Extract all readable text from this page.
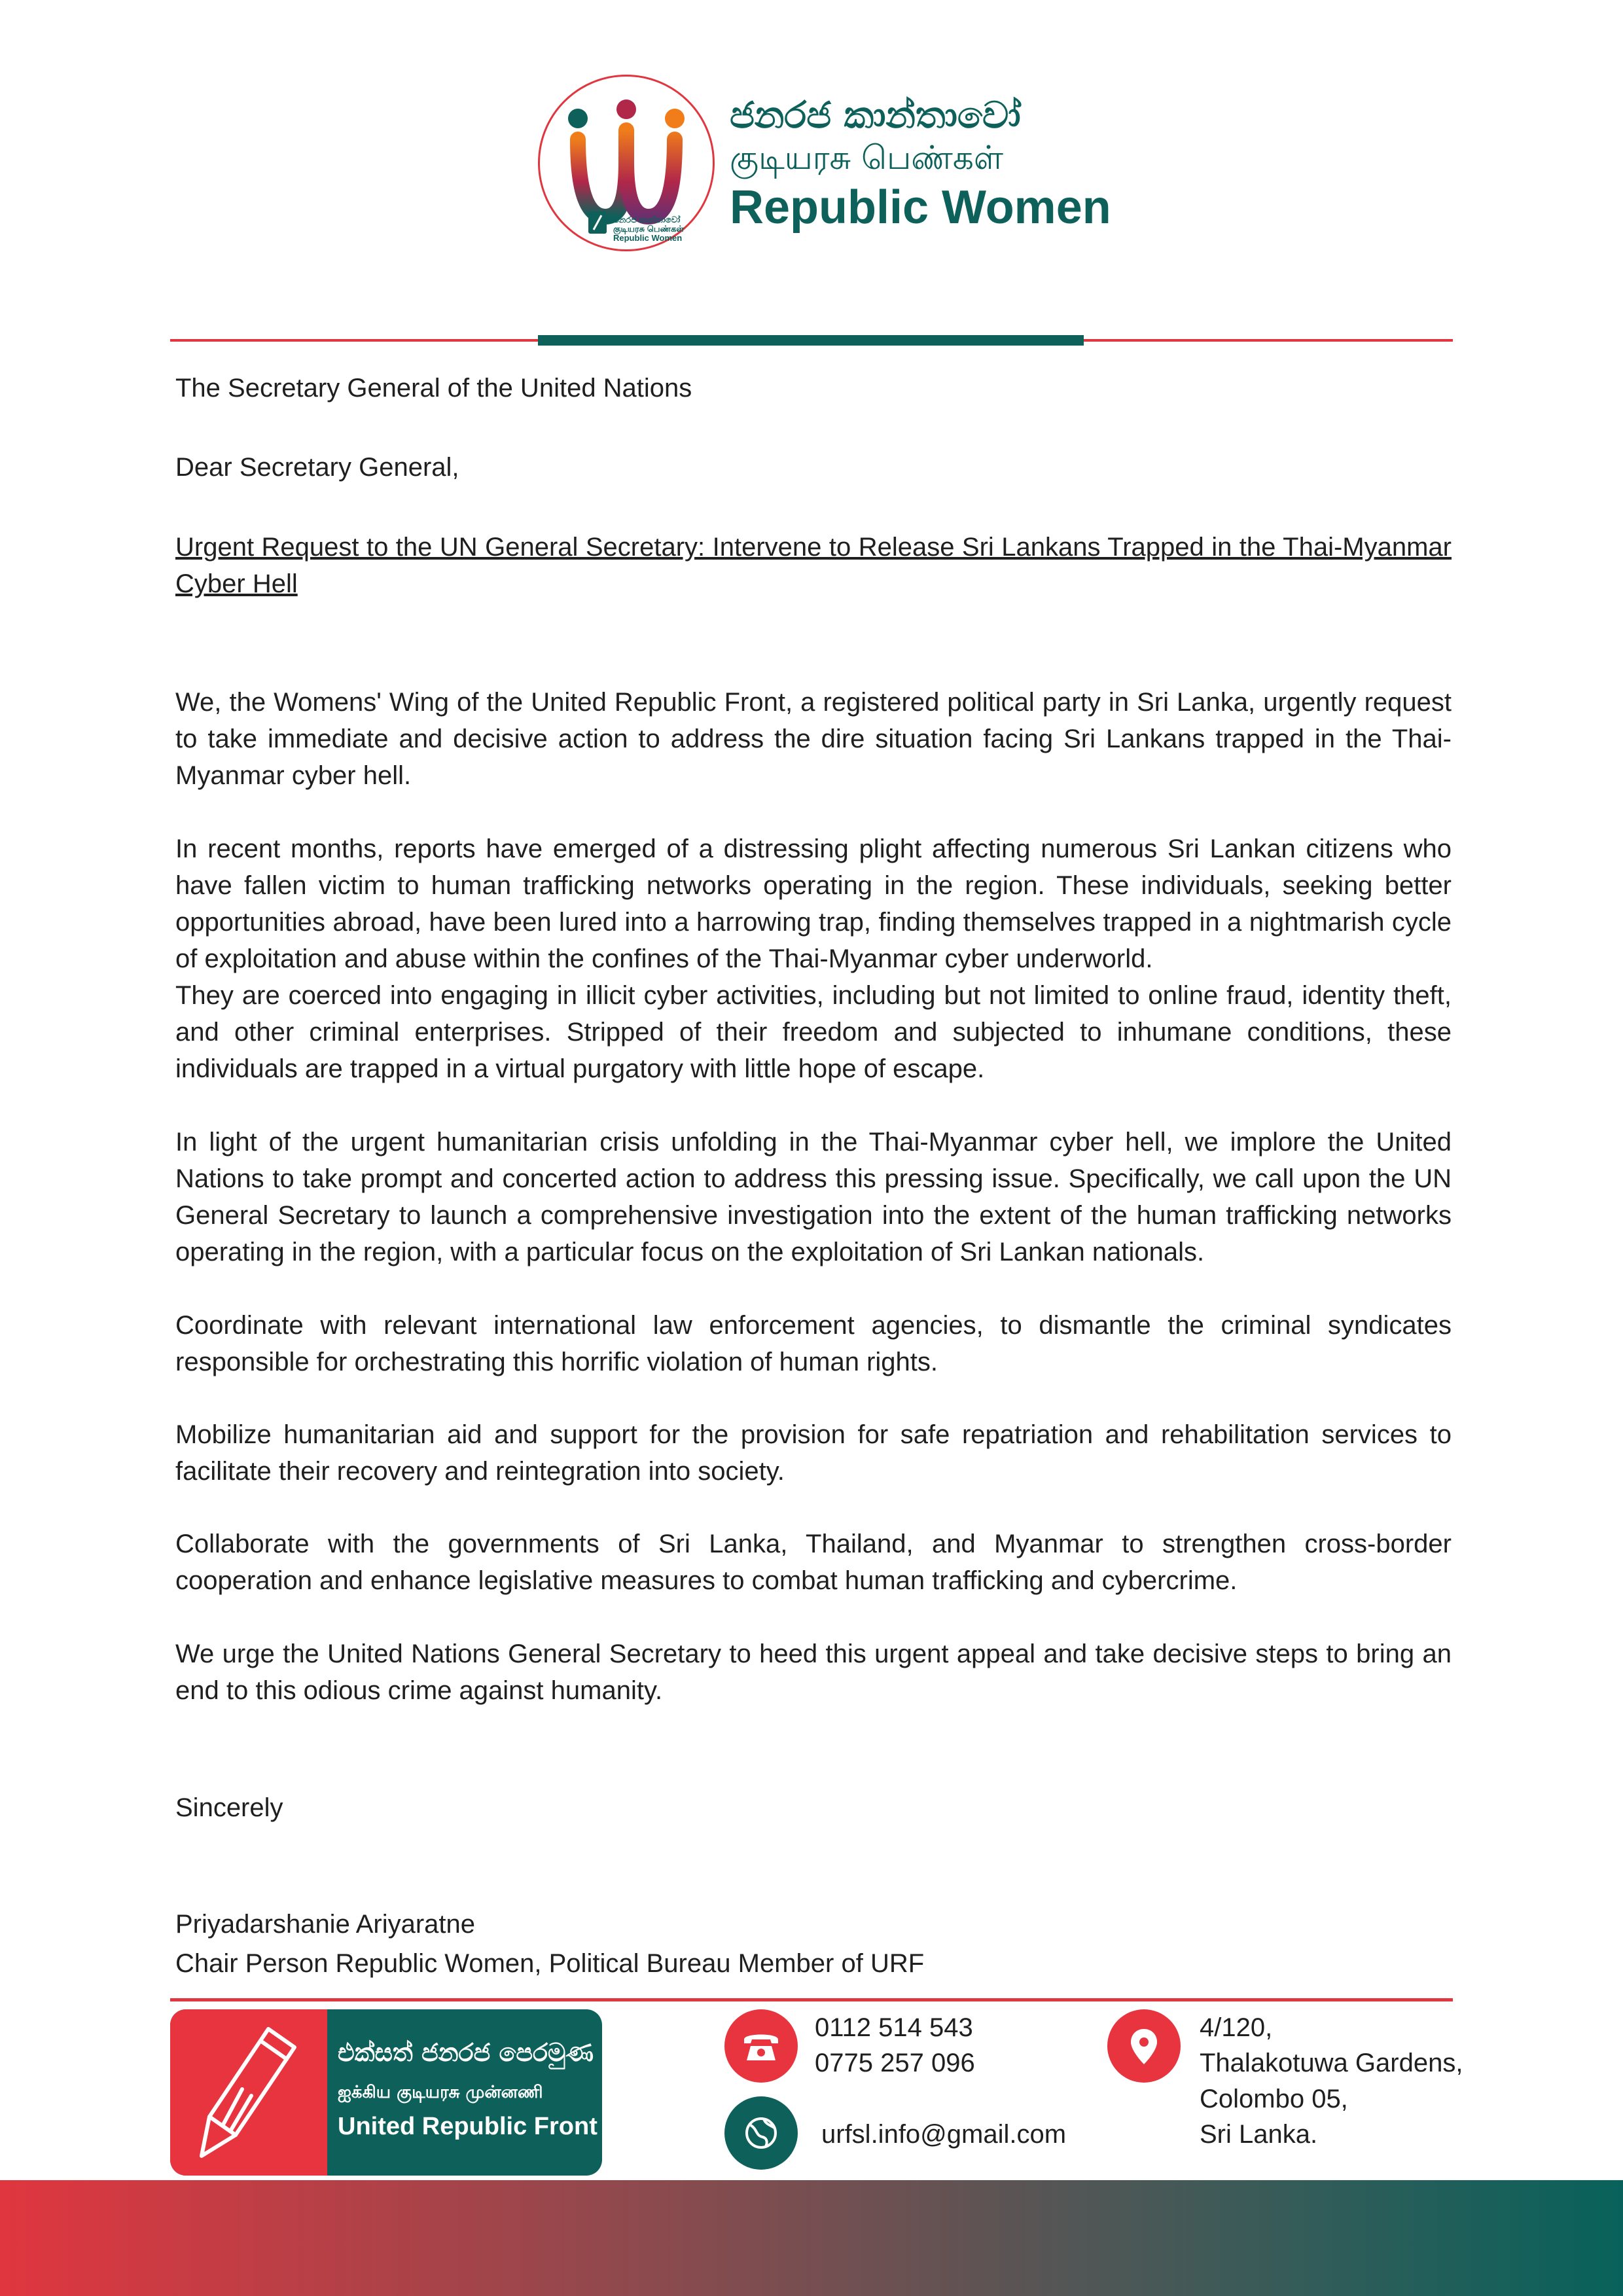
ජනරජ කාන්තාවෝ
குடியரசு பெண்கள்
Republic Women
ජනරජ කාන්තාවෝ
குடியரசு பெண்கள்
Republic Women
The Secretary General of the United Nations
Dear Secretary General,
Urgent Request to the UN General Secretary: Intervene to Release Sri Lankans Trapped in the Thai-Myanmar Cyber Hell

We, the Womens' Wing of the United Republic Front, a registered political party in Sri Lanka, urgently request to take immediate and decisive action to address the dire situation facing Sri Lankans trapped in the Thai-Myanmar cyber hell.

In recent months, reports have emerged of a distressing plight affecting numerous Sri Lankan citizens who have fallen victim to human trafficking networks operating in the region. These individuals, seeking better opportunities abroad, have been lured into a harrowing trap, finding themselves trapped in a nightmarish cycle of exploitation and abuse within the confines of the Thai-Myanmar cyber underworld.

They are coerced into engaging in illicit cyber activities, including but not limited to online fraud, identity theft, and other criminal enterprises. Stripped of their freedom and subjected to inhumane conditions, these individuals are trapped in a virtual purgatory with little hope of escape.

In light of the urgent humanitarian crisis unfolding in the Thai-Myanmar cyber hell, we implore the United Nations to take prompt and concerted action to address this pressing issue. Specifically, we call upon the UN General Secretary to launch a comprehensive investigation into the extent of the human trafficking networks operating in the region, with a particular focus on the exploitation of Sri Lankan nationals.

Coordinate with relevant international law enforcement agencies, to dismantle the criminal syndicates responsible for orchestrating this horrific violation of human rights.

Mobilize humanitarian aid and support for the provision for safe repatriation and rehabilitation services to facilitate their recovery and reintegration into society.

Collaborate with the governments of Sri Lanka, Thailand, and Myanmar to strengthen cross-border cooperation and enhance legislative measures to combat human trafficking and cybercrime.

We urge the United Nations General Secretary to heed this urgent appeal and take decisive steps to bring an end to this odious crime against humanity.

Sincerely
Priyadarshanie Ariyaratne
Chair Person Republic Women, Political Bureau Member of URF
එක්සත් ජනරජ පෙරමුණ
ஐக்கிய குடியரசு முன்னணி
United Republic Front
0112 514 543
0775 257 096
urfsl.info@gmail.com
4/120,
Thalakotuwa Gardens,
Colombo 05,
Sri Lanka.
